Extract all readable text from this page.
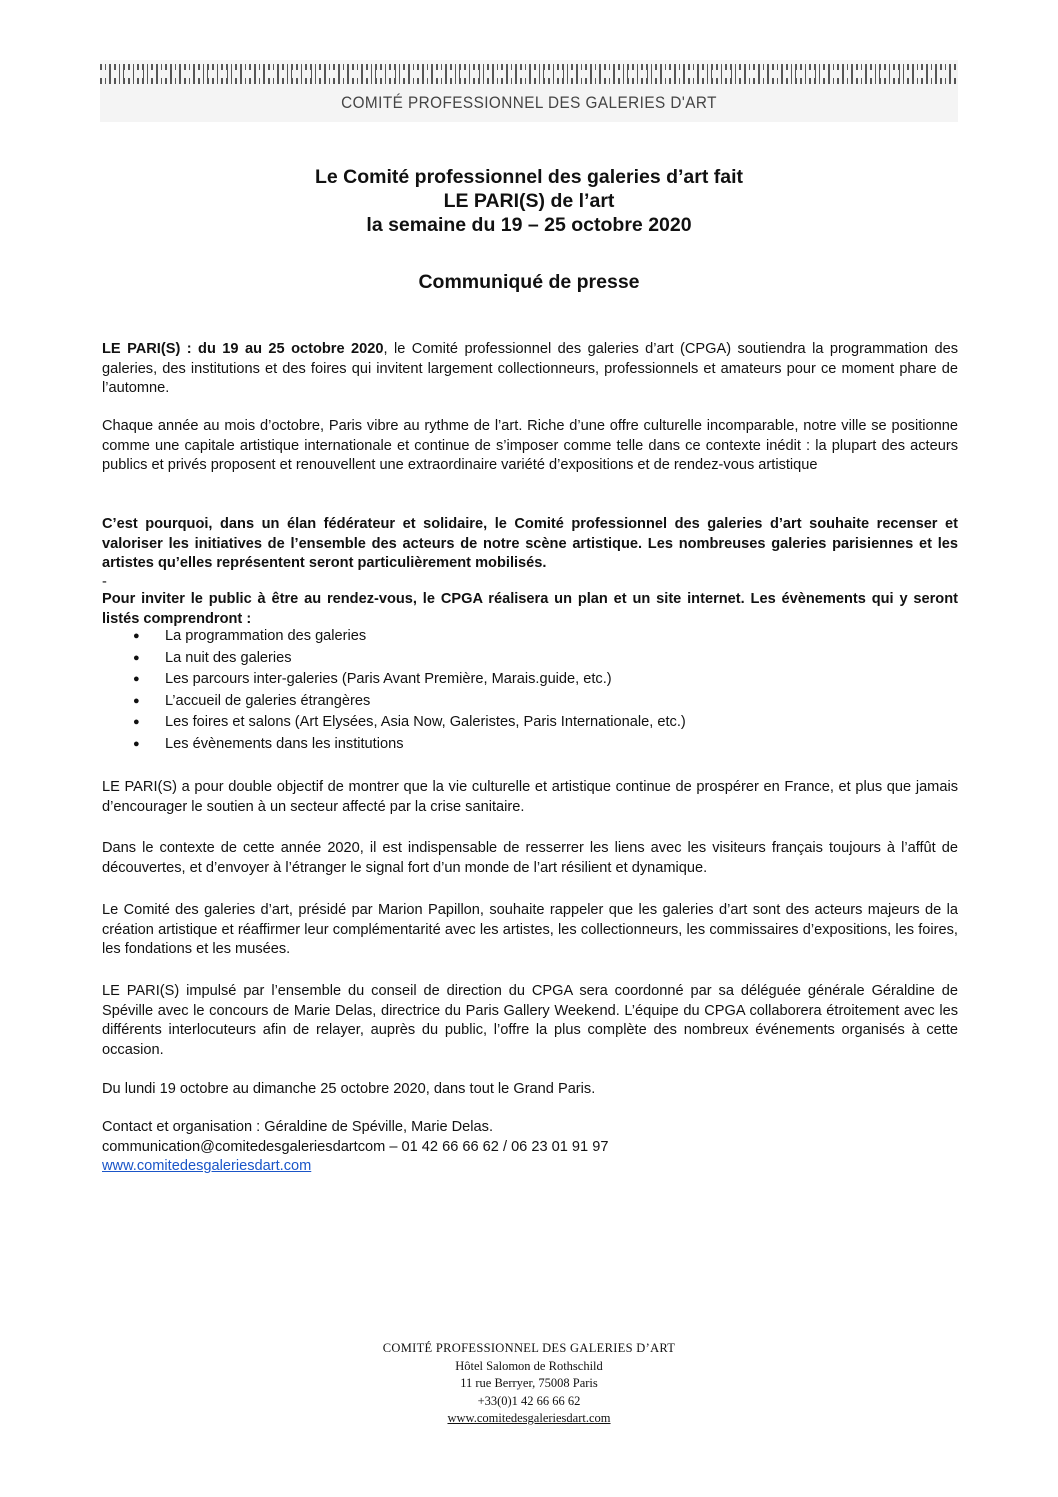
COMITÉ PROFESSIONNEL DES GALERIES D'ART
Le Comité professionnel des galeries d’art fait
LE PARI(S) de l’art
la semaine du 19 – 25 octobre 2020
Communiqué de presse
LE PARI(S) : du 19 au 25 octobre 2020, le Comité professionnel des galeries d’art (CPGA) soutiendra la programmation des galeries, des institutions et des foires qui invitent largement collectionneurs, professionnels et amateurs pour ce moment phare de l’automne.
Chaque année au mois d’octobre, Paris vibre au rythme de l’art. Riche d’une offre culturelle incomparable, notre ville se positionne comme une capitale artistique internationale et continue de s’imposer comme telle dans ce contexte inédit : la plupart des acteurs publics et privés proposent et renouvellent une extraordinaire variété d’expositions et de rendez-vous artistique
C’est pourquoi, dans un élan fédérateur et solidaire, le Comité professionnel des galeries d’art souhaite recenser et valoriser les initiatives de l’ensemble des acteurs de notre scène artistique. Les nombreuses galeries parisiennes et les artistes qu’elles représentent seront particulièrement mobilisés.
-
Pour inviter le public à être au rendez-vous, le CPGA réalisera un plan et un site internet. Les évènements qui y seront listés comprendront :
● La programmation des galeries
● La nuit des galeries
● Les parcours inter-galeries (Paris Avant Première, Marais.guide, etc.)
● L’accueil de galeries étrangères
● Les foires et salons (Art Elysées, Asia Now, Galeristes, Paris Internationale, etc.)
● Les évènements dans les institutions
LE PARI(S) a pour double objectif de montrer que la vie culturelle et artistique continue de prospérer en France, et plus que jamais d’encourager le soutien à un secteur affecté par la crise sanitaire.
Dans le contexte de cette année 2020, il est indispensable de resserrer les liens avec les visiteurs français toujours à l’affût de découvertes, et d’envoyer à l’étranger le signal fort d’un monde de l’art résilient et dynamique.
Le Comité des galeries d’art, présidé par Marion Papillon, souhaite rappeler que les galeries d’art sont des acteurs majeurs de la création artistique et réaffirmer leur complémentarité avec les artistes, les collectionneurs, les commissaires d’expositions, les foires, les fondations et les musées.
LE PARI(S) impulsé par l’ensemble du conseil de direction du CPGA sera coordonné par sa déléguée générale Géraldine de Spéville avec le concours de Marie Delas, directrice du Paris Gallery Weekend. L’équipe du CPGA collaborera étroitement avec les différents interlocuteurs afin de relayer, auprès du public, l’offre la plus complète des nombreux événements organisés à cette occasion.
Du lundi 19 octobre au dimanche 25 octobre 2020, dans tout le Grand Paris.
Contact et organisation : Géraldine de Spéville, Marie Delas.
communication@comitedesgaleriesdartcom – 01 42 66 66 62 / 06 23 01 91 97
www.comitedesgaleriesdart.com
COMITÉ PROFESSIONNEL DES GALERIES D’ART
Hôtel Salomon de Rothschild
11 rue Berryer, 75008 Paris
+33(0)1 42 66 66 62
www.comitedesgaleriesdart.com
